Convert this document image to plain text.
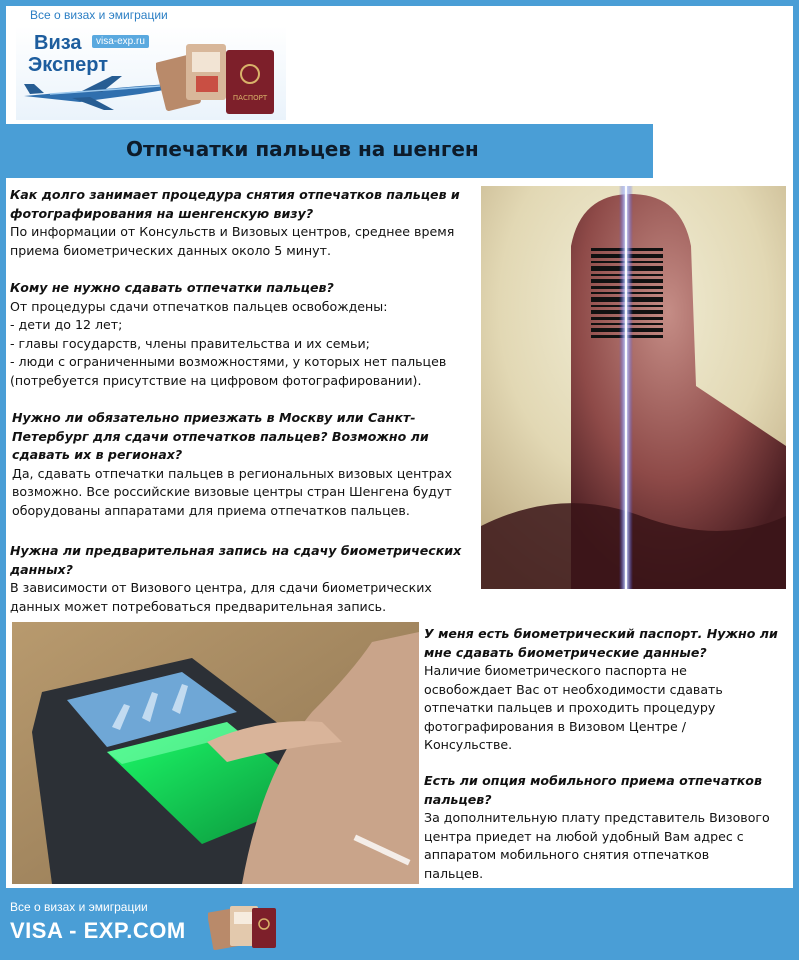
Все о визах и эмиграции
ПАСПОРТ
Виза	visa-exp.ru
Эксперт
Отпечатки пальцев на шенген
Как долго занимает процедура снятия отпечатков пальцев и
фотографирования на шенгенскую визу?
По информации от Консульств и Визовых центров, среднее время
приема биометрических данных около 5 минут.
Кому не нужно сдавать отпечатки пальцев?
От процедуры сдачи отпечатков пальцев освобождены:
- дети до 12 лет;
- главы государств, члены правительства и их семьи;
- люди с ограниченными возможностями, у которых нет пальцев
(потребуется присутствие на цифровом фотографировании).
Нужно ли обязательно приезжать в Москву или Санкт-
Петербург для сдачи отпечатков пальцев? Возможно ли
сдавать их в регионах?
Да, сдавать отпечатки пальцев в региональных визовых центрах
возможно. Все российские визовые центры стран Шенгена будут
оборудованы аппаратами для приема отпечатков пальцев.
Нужна ли предварительная запись на сдачу биометрических
данных?
В зависимости от Визового центра, для сдачи биометрических
данных может потребоваться предварительная запись.
У меня есть биометрический паспорт. Нужно ли
мне сдавать биометрические данные?
Наличие биометрического паспорта не
освобождает Вас от необходимости сдавать
отпечатки пальцев и проходить процедуру
фотографирования в Визовом Центре /
Консульстве.
Есть ли опция мобильного приема отпечатков
пальцев?
За дополнительную плату представитель Визового
центра приедет на любой удобный Вам адрес с
аппаратом мобильного снятия отпечатков
пальцев.
Все о визах и эмиграции
VISA - EXP.COM
